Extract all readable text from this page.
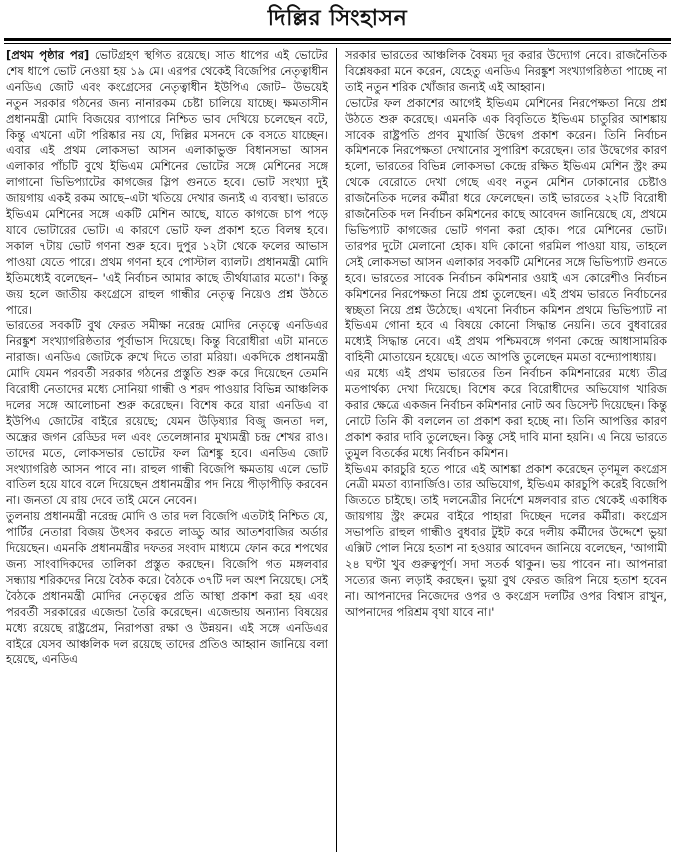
দিল্লির সিংহাসন

[প্রথম পৃষ্ঠার পর] ভোটগ্রহণ স্থগিত রয়েছে। সাত ধাপের এই ভোটের শেষ ধাপে ভোট নেওয়া হয় ১৯ মে। এরপর থেকেই বিজেপির নেতৃত্বাধীন এনডিএ জোট এবং কংগ্রেসের নেতৃত্বাধীন ইউপিএ জোট– উভয়েই নতুন সরকার গঠনের জন্য নানারকম চেষ্টা চালিয়ে যাচ্ছে। ক্ষমতাসীন প্রধানমন্ত্রী মোদি বিজয়ের ব্যাপারে নিশ্চিত ভাব দেখিয়ে চলেছেন বটে, কিন্তু এখনো এটা পরিষ্কার নয় যে, দিল্লির মসনদে কে বসতে যাচ্ছেন। এবার এই প্রথম লোকসভা আসন এলাকাভুক্ত বিধানসভা আসন এলাকার পাঁচটি বুথে ইভিএম মেশিনের ভোটের সঙ্গে মেশিনের সঙ্গে লাগানো ভিভিপ্যাটের কাগজের স্লিপ গুনতে হবে। ভোট সংখ্যা দুই জায়গায় একই রকম আছে–এটা খতিয়ে দেখার জন্যই এ ব্যবস্থা। ভারতে ইভিএম মেশিনের সঙ্গে একটি মেশিন আছে, যাতে কাগজে চাপ পড়ে যাবে ভোটারের ভোট। এ কারণে ভোট ফল প্রকাশ হতে বিলম্ব হবে। সকাল ৭টায় ভোট গণনা শুরু হবে। দুপুর ১২টা থেকে ফলের আভাস পাওয়া যেতে পারে। প্রথম গণনা হবে পোস্টাল ব্যালট। প্রধানমন্ত্রী মোদি ইতিমধ্যেই বলেছেন– 'এই নির্বাচন আমার কাছে তীর্থযাত্রার মতো'। কিন্তু জয় হলে জাতীয় কংগ্রেসে রাহুল গান্ধীর নেতৃত্ব নিয়েও প্রশ্ন উঠতে পারে।

ভারতের সবকটি বুথ ফেরত সমীক্ষা নরেন্দ্র মোদির নেতৃত্বে এনডিএর নিরঙ্কুশ সংখ্যাগরিষ্ঠতার পূর্বাভাস দিয়েছে। কিন্তু বিরোধীরা এটা মানতে নারাজ। এনডিএ জোটকে রুখে দিতে তারা মরিয়া। একদিকে প্রধানমন্ত্রী মোদি যেমন পরবর্তী সরকার গঠনের প্রস্তুতি শুরু করে দিয়েছেন তেমনি বিরোধী নেতাদের মধ্যে সোনিয়া গান্ধী ও শরদ পাওয়ার বিভিন্ন আঞ্চলিক দলের সঙ্গে আলোচনা শুরু করেছেন। বিশেষ করে যারা এনডিএ বা ইউপিএ জোটের বাইরে রয়েছে; যেমন উড়িষ্যার বিজু জনতা দল, অন্ধ্রের জগন রেড্ডির দল এবং তেলেঙ্গানার মুখ্যমন্ত্রী চন্দ্র শেখর রাও। তাদের মতে, লোকসভার ভোটের ফল ত্রিশঙ্কু হবে। এনডিএ জোট সংখ্যাগরিষ্ঠ আসন পাবে না। রাহুল গান্ধী বিজেপি ক্ষমতায় এলে ভোট বাতিল হয়ে যাবে বলে দিয়েছেন প্রধানমন্ত্রীর পদ নিয়ে পীড়াপীড়ি করবেন না। জনতা যে রায় দেবে তাই মেনে নেবেন।

তুলনায় প্রধানমন্ত্রী নরেন্দ্র মোদি ও তার দল বিজেপি এতটাই নিশ্চিত যে, পার্টির নেতারা বিজয় উৎসব করতে লাড্ডু আর আতশবাজির অর্ডার দিয়েছেন। এমনকি প্রধানমন্ত্রীর দফতর সংবাদ মাধ্যমে ফোন করে শপথের জন্য সাংবাদিকদের তালিকা প্রস্তুত করছেন। বিজেপি গত মঙ্গলবার সন্ধ্যায় শরিকদের নিয়ে বৈঠক করে। বৈঠকে ৩৭টি দল অংশ নিয়েছে। সেই বৈঠকে প্রধানমন্ত্রী মোদির নেতৃত্বের প্রতি আস্থা প্রকাশ করা হয় এবং পরবর্তী সরকারের এজেন্ডা তৈরি করেছেন। এজেন্ডায় অন্যান্য বিষয়ের মধ্যে রয়েছে রাষ্ট্রপ্রেম, নিরাপত্তা রক্ষা ও উন্নয়ন। এই সঙ্গে এনডিএর বাইরে যেসব আঞ্চলিক দল রয়েছে তাদের প্রতিও আহ্বান জানিয়ে বলা হয়েছে, এনডিএ

সরকার ভারতের আঞ্চলিক বৈষম্য দূর করার উদ্যোগ নেবে। রাজনৈতিক বিশ্লেষকরা মনে করেন, যেহেতু এনডিএ নিরঙ্কুশ সংখ্যাগরিষ্ঠতা পাচ্ছে না তাই নতুন শরিক খোঁজার জন্যই এই আহ্বান।

ভোটের ফল প্রকাশের আগেই ইভিএম মেশিনের নিরপেক্ষতা নিয়ে প্রশ্ন উঠতে শুরু করেছে। এমনকি এক বিবৃতিতে ইভিএম চাতুরির আশঙ্কায় সাবেক রাষ্ট্রপতি প্রণব মুখার্জি উদ্বেগ প্রকাশ করেন। তিনি নির্বাচন কমিশনকে নিরপেক্ষতা দেখানোর সুপারিশ করেছেন। তার উদ্বেগের কারণ হলো, ভারতের বিভিন্ন লোকসভা কেন্দ্রে রক্ষিত ইভিএম মেশিন স্ট্রং রুম থেকে বেরোতে দেখা গেছে এবং নতুন মেশিন ঢোকানোর চেষ্টাও রাজনৈতিক দলের কর্মীরা ধরে ফেলেছেন। তাই ভারতের ২২টি বিরোধী রাজনৈতিক দল নির্বাচন কমিশনের কাছে আবেদন জানিয়েছে যে, প্রথমে ভিভিপ্যাট কাগজের ভোট গণনা করা হোক। পরে মেশিনের ভোট। তারপর দুটো মেলানো হোক। যদি কোনো গরমিল পাওয়া যায়, তাহলে সেই লোকসভা আসন এলাকার সবকটি মেশিনের সঙ্গে ভিভিপ্যাট গুনতে হবে। ভারতের সাবেক নির্বাচন কমিশনার ওয়াই এস কোরেশীও নির্বাচন কমিশনের নিরপেক্ষতা নিয়ে প্রশ্ন তুলেছেন। এই প্রথম ভারতে নির্বাচনের স্বচ্ছতা নিয়ে প্রশ্ন উঠেছে। এখনো নির্বাচন কমিশন প্রথমে ভিভিপ্যাট না ইভিএম গোনা হবে এ বিষয়ে কোনো সিদ্ধান্ত নেয়নি। তবে বুধবারের মধ্যেই সিদ্ধান্ত নেবে। এই প্রথম পশ্চিমবঙ্গে গণনা কেন্দ্রে আধাসামরিক বাহিনী মোতায়েন হয়েছে। এতে আপত্তি তুলেছেন মমতা বন্দ্যোপাধ্যায়।

এর মধ্যে এই প্রথম ভারতের তিন নির্বাচন কমিশনারের মধ্যে তীব্র মতপার্থক্য দেখা দিয়েছে। বিশেষ করে বিরোধীদের অভিযোগ খারিজ করার ক্ষেত্রে একজন নির্বাচন কমিশনার নোট অব ডিসেন্ট দিয়েছেন। কিন্তু নোটে তিনি কী বললেন তা প্রকাশ করা হচ্ছে না। তিনি আপত্তির কারণ প্রকাশ করার দাবি তুলেছেন। কিন্তু সেই দাবি মানা হয়নি। এ নিয়ে ভারতে তুমুল বিতর্কের মধ্যে নির্বাচন কমিশন।

ইভিএম কারচুরি হতে পারে এই আশঙ্কা প্রকাশ করেছেন তৃণমূল কংগ্রেস নেত্রী মমতা ব্যানার্জিও। তার অভিযোগ, ইভিএম কারচুপি করেই বিজেপি জিততে চাইছে। তাই দলনেত্রীর নির্দেশে মঙ্গলবার রাত থেকেই একাধিক জায়গায় স্ট্রং রুমের বাইরে পাহারা দিচ্ছেন দলের কর্মীরা। কংগ্রেস সভাপতি রাহুল গান্ধীও বুধবার টুইট করে দলীয় কর্মীদের উদ্দেশে ভুয়া এক্সিট পোল নিয়ে হতাশ না হওয়ার আবেদন জানিয়ে বলেছেন, 'আগামী ২৪ ঘণ্টা খুব গুরুত্বপূর্ণ। সদা সতর্ক থাকুন। ভয় পাবেন না। আপনারা সত্যের জন্য লড়াই করছেন। ভুয়া বুথ ফেরত জরিপ নিয়ে হতাশ হবেন না। আপনাদের নিজেদের ওপর ও কংগ্রেস দলটির ওপর বিশ্বাস রাখুন, আপনাদের পরিশ্রম বৃথা যাবে না।'
